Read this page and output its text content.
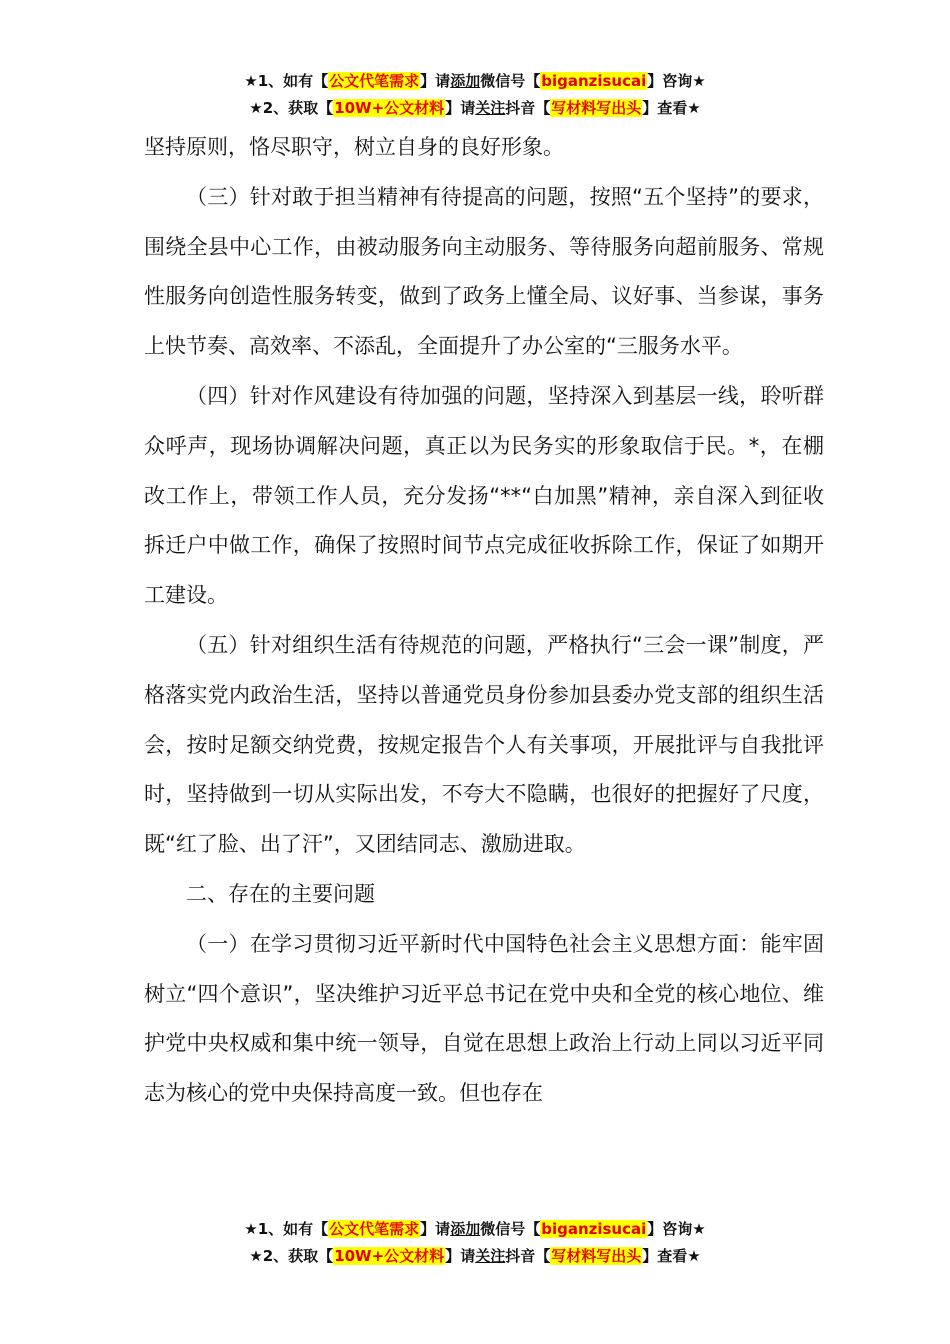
★1、如有【公文代笔需求】请添加微信号【biganzisucai】咨询★
★2、获取【10W+公文材料】请关注抖音【写材料写出头】查看★

坚持原则，恪尽职守，树立自身的良好形象。

（三）针对敢于担当精神有待提高的问题，按照“五个坚持”的要求，围绕全县中心工作，由被动服务向主动服务、等待服务向超前服务、常规性服务向创造性服务转变，做到了政务上懂全局、议好事、当参谋，事务上快节奏、高效率、不添乱，全面提升了办公室的“三服务水平。

（四）针对作风建设有待加强的问题，坚持深入到基层一线，聆听群众呼声，现场协调解决问题，真正以为民务实的形象取信于民。*，在棚改工作上，带领工作人员，充分发扬“**“白加黑”精神，亲自深入到征收拆迁户中做工作，确保了按照时间节点完成征收拆除工作，保证了如期开工建设。

（五）针对组织生活有待规范的问题，严格执行“三会一课”制度，严格落实党内政治生活，坚持以普通党员身份参加县委办党支部的组织生活会，按时足额交纳党费，按规定报告个人有关事项，开展批评与自我批评时，坚持做到一切从实际出发，不夸大不隐瞒，也很好的把握好了尺度，既“红了脸、出了汗”，又团结同志、激励进取。

二、存在的主要问题

（一）在学习贯彻习近平新时代中国特色社会主义思想方面：能牢固树立“四个意识”，坚决维护习近平总书记在党中央和全党的核心地位、维护党中央权威和集中统一领导，自觉在思想上政治上行动上同以习近平同志为核心的党中央保持高度一致。但也存在

★1、如有【公文代笔需求】请添加微信号【biganzisucai】咨询★
★2、获取【10W+公文材料】请关注抖音【写材料写出头】查看★
